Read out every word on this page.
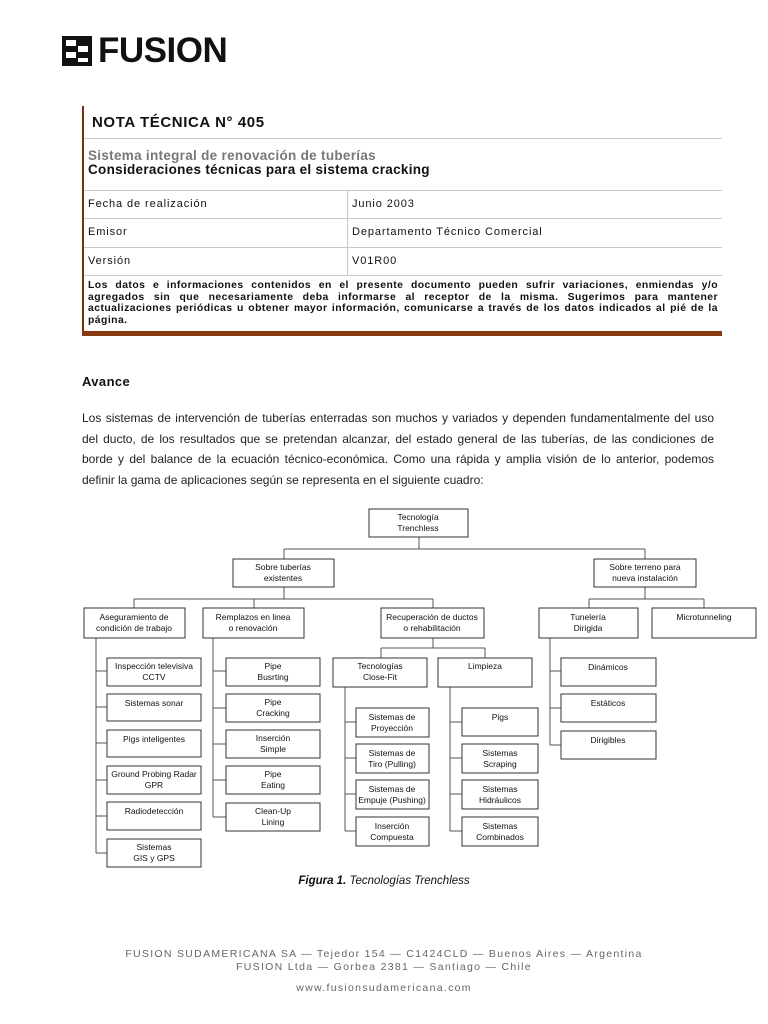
FUSION
NOTA TÉCNICA N° 405
Sistema integral de renovación de tuberías
Consideraciones técnicas para el sistema cracking
Fecha de realización	Junio 2003
Emisor	Departamento Técnico Comercial
Versión	V01R00
Los datos e informaciones contenidos en el presente documento pueden sufrir variaciones, enmiendas y/o agregados sin que necesariamente deba informarse al receptor de la misma. Sugerimos para mantener actualizaciones periódicas u obtener mayor información, comunicarse a través de los datos indicados al pié de la página.
Avance
Los sistemas de intervención de tuberías enterradas son muchos y variados y dependen fundamentalmente del uso del ducto, de los resultados que se pretendan alcanzar, del estado general de las tuberías, de las condiciones de borde y del balance de la ecuación técnico-económica. Como una rápida y amplia visión de lo anterior, podemos definir la gama de aplicaciones según se representa en el siguiente cuadro:
Tecnología
Trenchless
Sobre tuberías
existentes
Sobre terreno para
nueva instalación
Aseguramiento de
condición de trabajo
Remplazos en linea
o renovación
Recuperación de ductos
o rehabilitación
Tunelería
Dirigida
Microtunneling
Inspección televisiva
CCTV
Sistemas sonar
Pigs inteligentes
Ground Probing Radar
GPR
Radiodetección
Sistemas
GIS y GPS
Pipe
Busrting
Pipe
Cracking
Inserción
Simple
Pipe
Eating
Clean-Up
Lining
Tecnologías
Close-Fit
Limpieza
Sistemas de
Proyección
Sistemas de
Tiro (Pulling)
Sistemas de
Empuje (Pushing)
Inserción
Compuesta
Pigs
Sistemas
Scraping
Sistemas
Hidráulicos
Sistemas
Combinados
Dinámicos
Estáticos
Dirigibles
Figura 1. Tecnologías Trenchless
FUSION SUDAMERICANA SA — Tejedor 154 — C1424CLD — Buenos Aires — Argentina
FUSION Ltda — Gorbea 2381 — Santiago — Chile
www.fusionsudamericana.com
